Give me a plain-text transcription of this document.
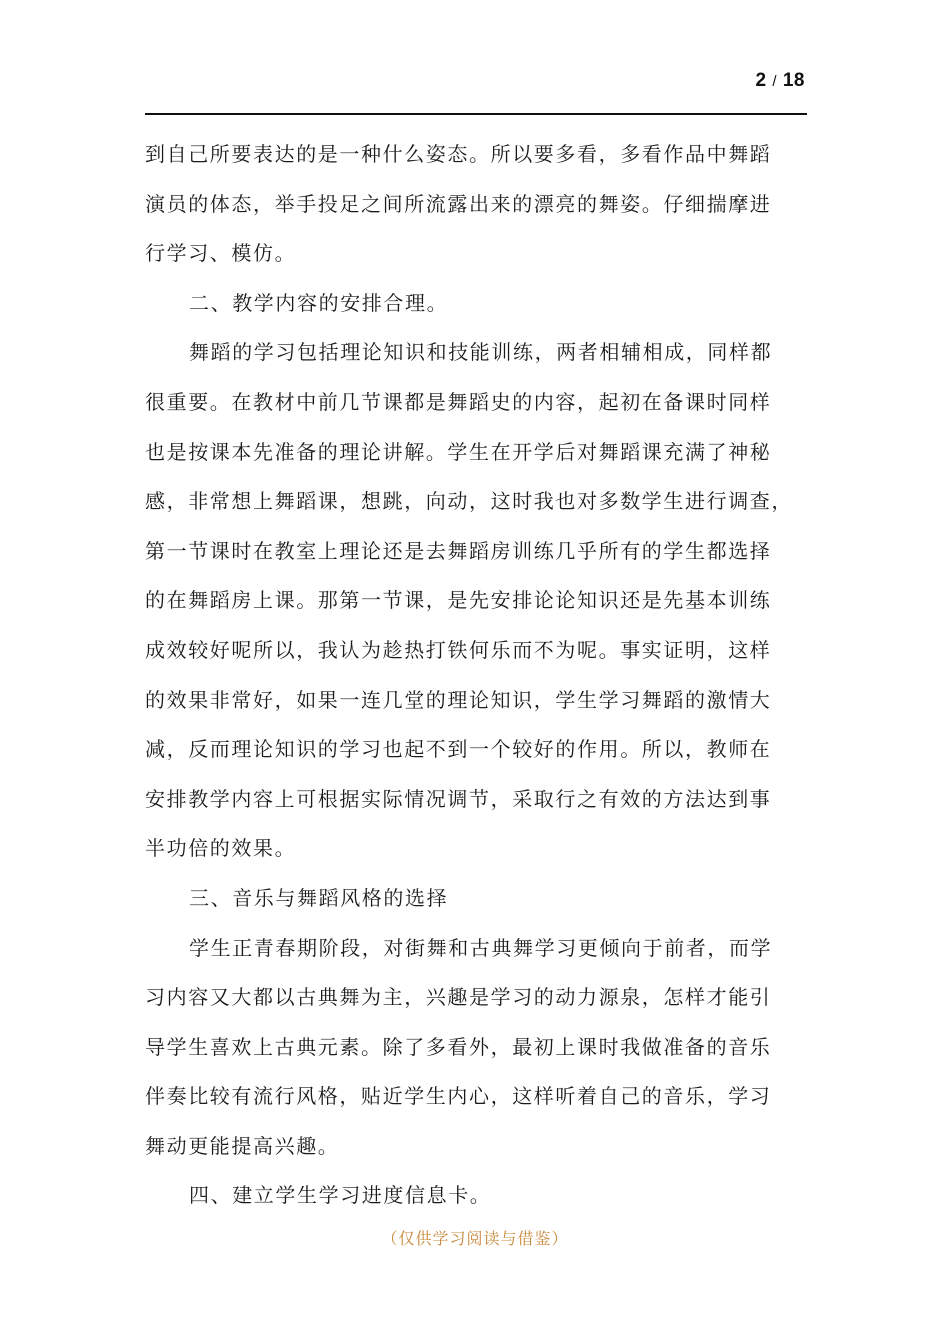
2 / 18
到自己所要表达的是一种什么姿态。所以要多看，多看作品中舞蹈
演员的体态，举手投足之间所流露出来的漂亮的舞姿。仔细揣摩进
行学习、模仿。
二、教学内容的安排合理。
舞蹈的学习包括理论知识和技能训练，两者相辅相成，同样都
很重要。在教材中前几节课都是舞蹈史的内容，起初在备课时同样
也是按课本先准备的理论讲解。学生在开学后对舞蹈课充满了神秘
感，非常想上舞蹈课，想跳，向动，这时我也对多数学生进行调查，
第一节课时在教室上理论还是去舞蹈房训练几乎所有的学生都选择
的在舞蹈房上课。那第一节课，是先安排论论知识还是先基本训练
成效较好呢所以，我认为趁热打铁何乐而不为呢。事实证明，这样
的效果非常好，如果一连几堂的理论知识，学生学习舞蹈的激情大
减，反而理论知识的学习也起不到一个较好的作用。所以，教师在
安排教学内容上可根据实际情况调节，采取行之有效的方法达到事
半功倍的效果。
三、音乐与舞蹈风格的选择
学生正青春期阶段，对街舞和古典舞学习更倾向于前者，而学
习内容又大都以古典舞为主，兴趣是学习的动力源泉，怎样才能引
导学生喜欢上古典元素。除了多看外，最初上课时我做准备的音乐
伴奏比较有流行风格，贴近学生内心，这样听着自己的音乐，学习
舞动更能提高兴趣。
四、建立学生学习进度信息卡。
（仅供学习阅读与借鉴）
